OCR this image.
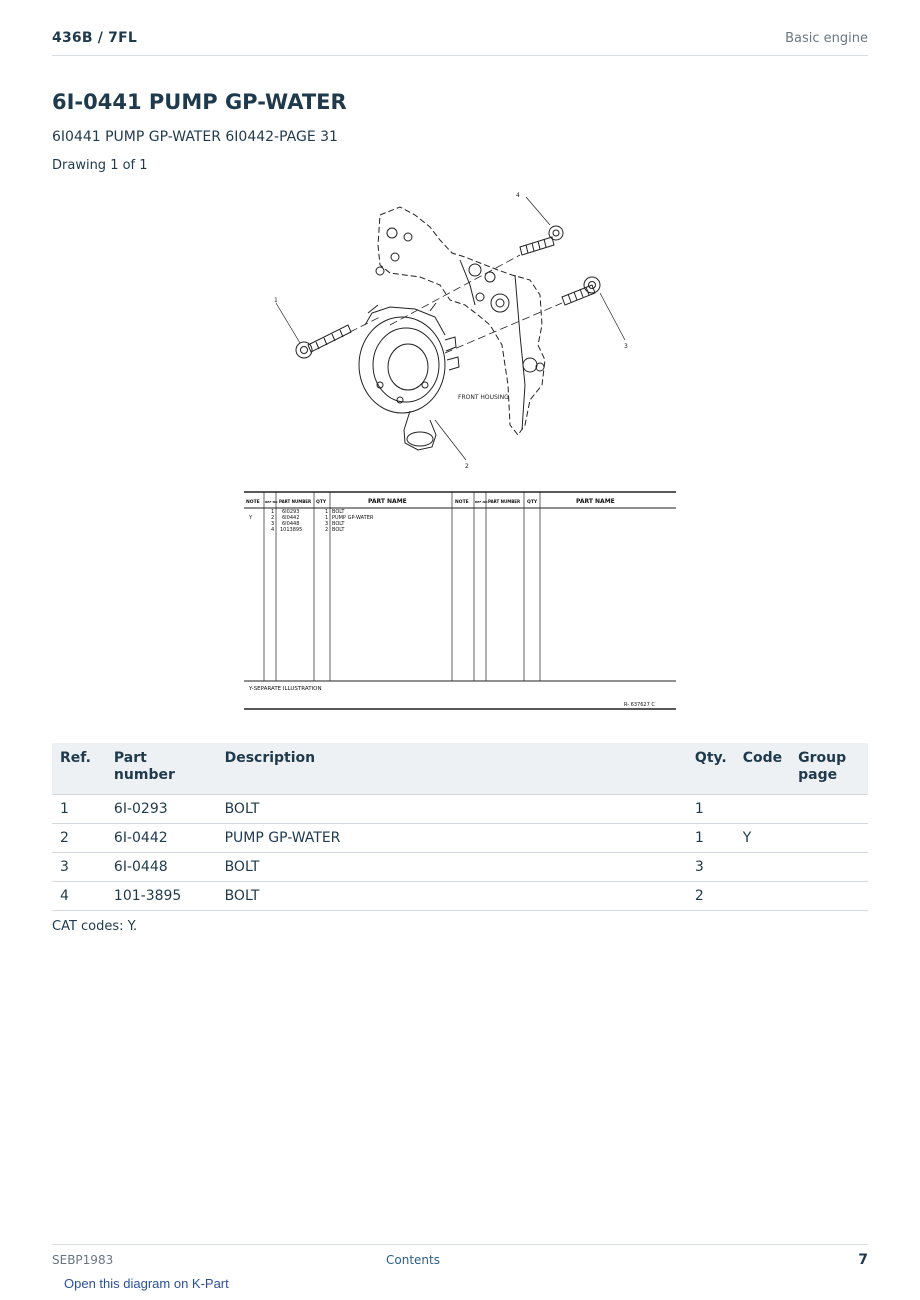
436B / 7FL	Basic engine
6I-0441 PUMP GP-WATER
6I0441 PUMP GP-WATER 6I0442-PAGE 31
Drawing 1 of 1
4
1
3
2
FRONT HOUSING
NOTE REF NO PART NUMBER QTY	PART NAME	NOTE REF NO PART NUMBER QTY	PART NAME
1 6I0293	1 BOLT
Y	2 6I0442	1 PUMP GP-WATER
3 6I0448	3 BOLT
4 1013895	2 BOLT
Y-SEPARATE ILLUSTRATION
R- 637627 C
Ref.	Part number	Description	Qty.	Code	Group page
1	6I-0293	BOLT	1		
2	6I-0442	PUMP GP-WATER	1	Y	
3	6I-0448	BOLT	3		
4	101-3895	BOLT	2		
CAT codes: Y.
SEBP1983	Contents	7
Open this diagram on K-Part
